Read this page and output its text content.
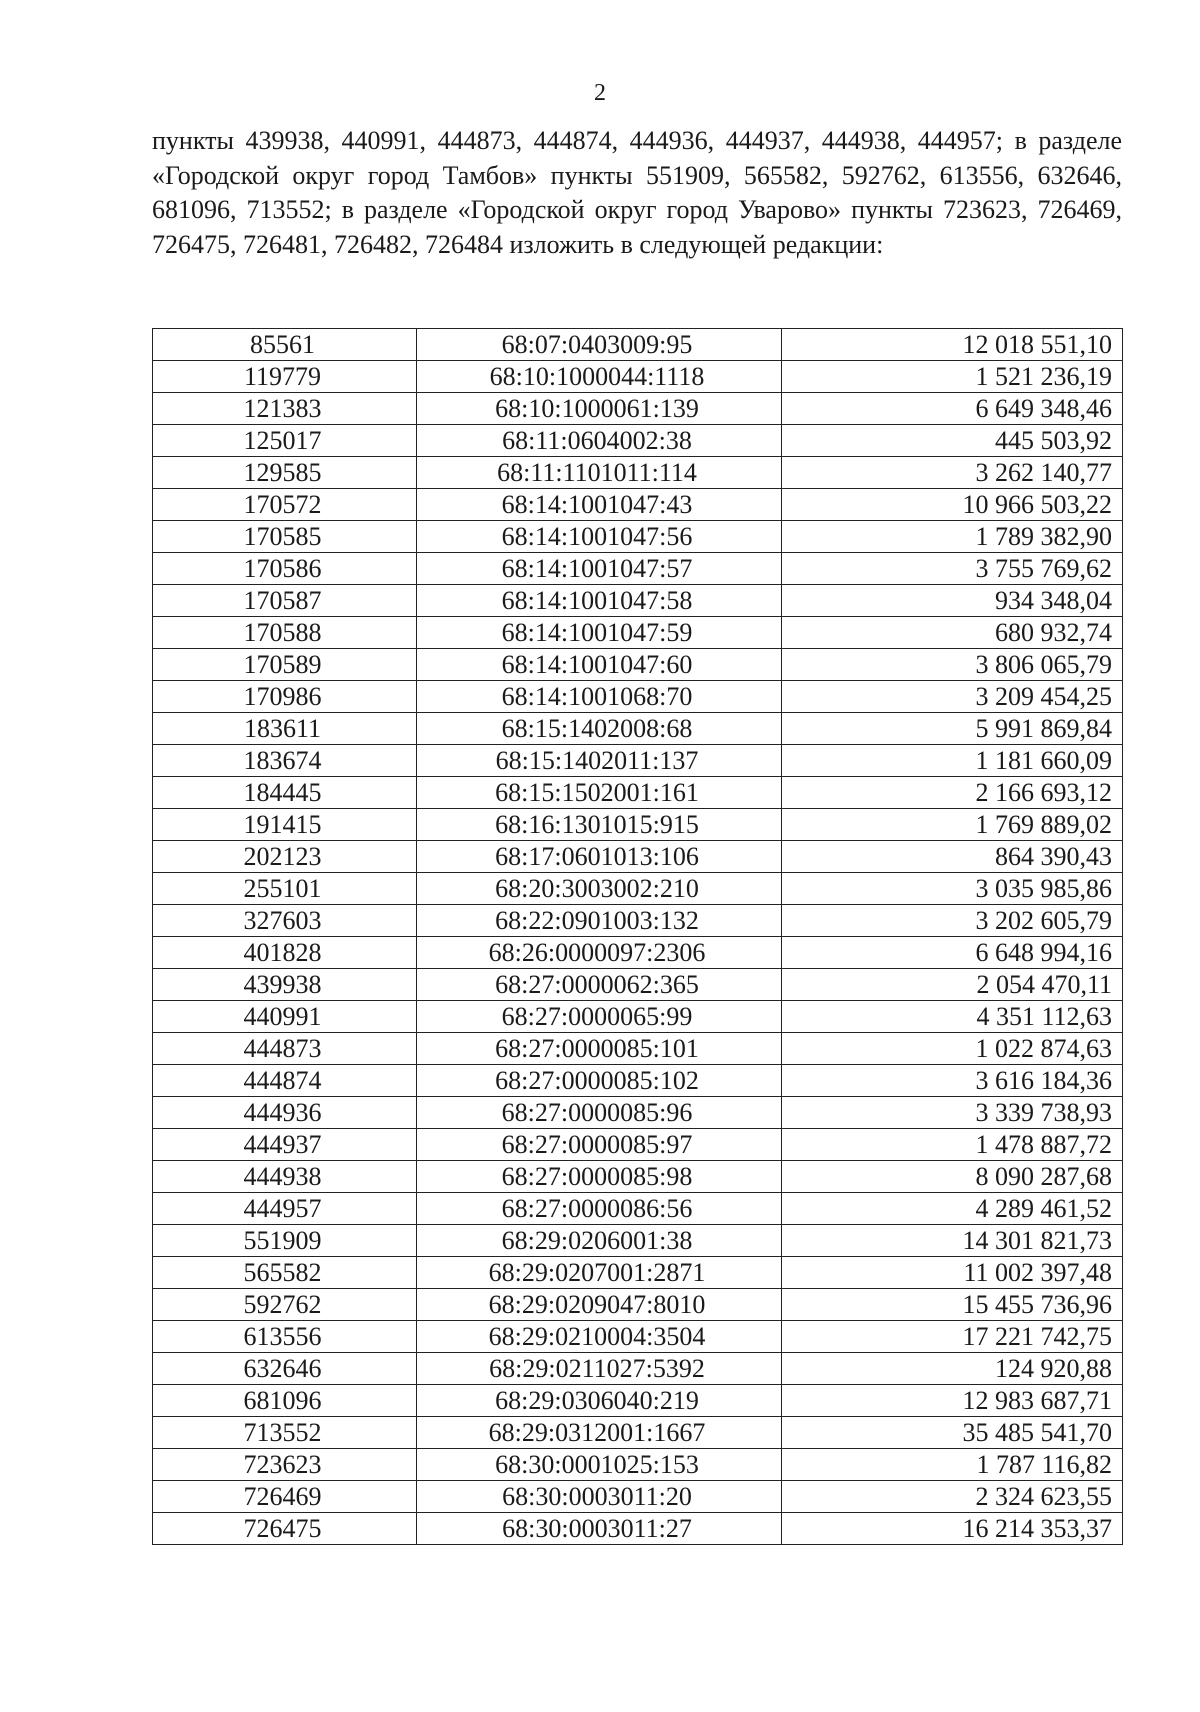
2

пункты 439938, 440991, 444873, 444874, 444936, 444937, 444938, 444957; в разделе «Городской округ город Тамбов» пункты 551909, 565582, 592762, 613556, 632646, 681096, 713552; в разделе «Городской округ город Уварово» пункты 723623, 726469, 726475, 726481, 726482, 726484 изложить в следующей редакции:

85561	68:07:0403009:95	12 018 551,10
119779	68:10:1000044:1118	1 521 236,19
121383	68:10:1000061:139	6 649 348,46
125017	68:11:0604002:38	445 503,92
129585	68:11:1101011:114	3 262 140,77
170572	68:14:1001047:43	10 966 503,22
170585	68:14:1001047:56	1 789 382,90
170586	68:14:1001047:57	3 755 769,62
170587	68:14:1001047:58	934 348,04
170588	68:14:1001047:59	680 932,74
170589	68:14:1001047:60	3 806 065,79
170986	68:14:1001068:70	3 209 454,25
183611	68:15:1402008:68	5 991 869,84
183674	68:15:1402011:137	1 181 660,09
184445	68:15:1502001:161	2 166 693,12
191415	68:16:1301015:915	1 769 889,02
202123	68:17:0601013:106	864 390,43
255101	68:20:3003002:210	3 035 985,86
327603	68:22:0901003:132	3 202 605,79
401828	68:26:0000097:2306	6 648 994,16
439938	68:27:0000062:365	2 054 470,11
440991	68:27:0000065:99	4 351 112,63
444873	68:27:0000085:101	1 022 874,63
444874	68:27:0000085:102	3 616 184,36
444936	68:27:0000085:96	3 339 738,93
444937	68:27:0000085:97	1 478 887,72
444938	68:27:0000085:98	8 090 287,68
444957	68:27:0000086:56	4 289 461,52
551909	68:29:0206001:38	14 301 821,73
565582	68:29:0207001:2871	11 002 397,48
592762	68:29:0209047:8010	15 455 736,96
613556	68:29:0210004:3504	17 221 742,75
632646	68:29:0211027:5392	124 920,88
681096	68:29:0306040:219	12 983 687,71
713552	68:29:0312001:1667	35 485 541,70
723623	68:30:0001025:153	1 787 116,82
726469	68:30:0003011:20	2 324 623,55
726475	68:30:0003011:27	16 214 353,37
